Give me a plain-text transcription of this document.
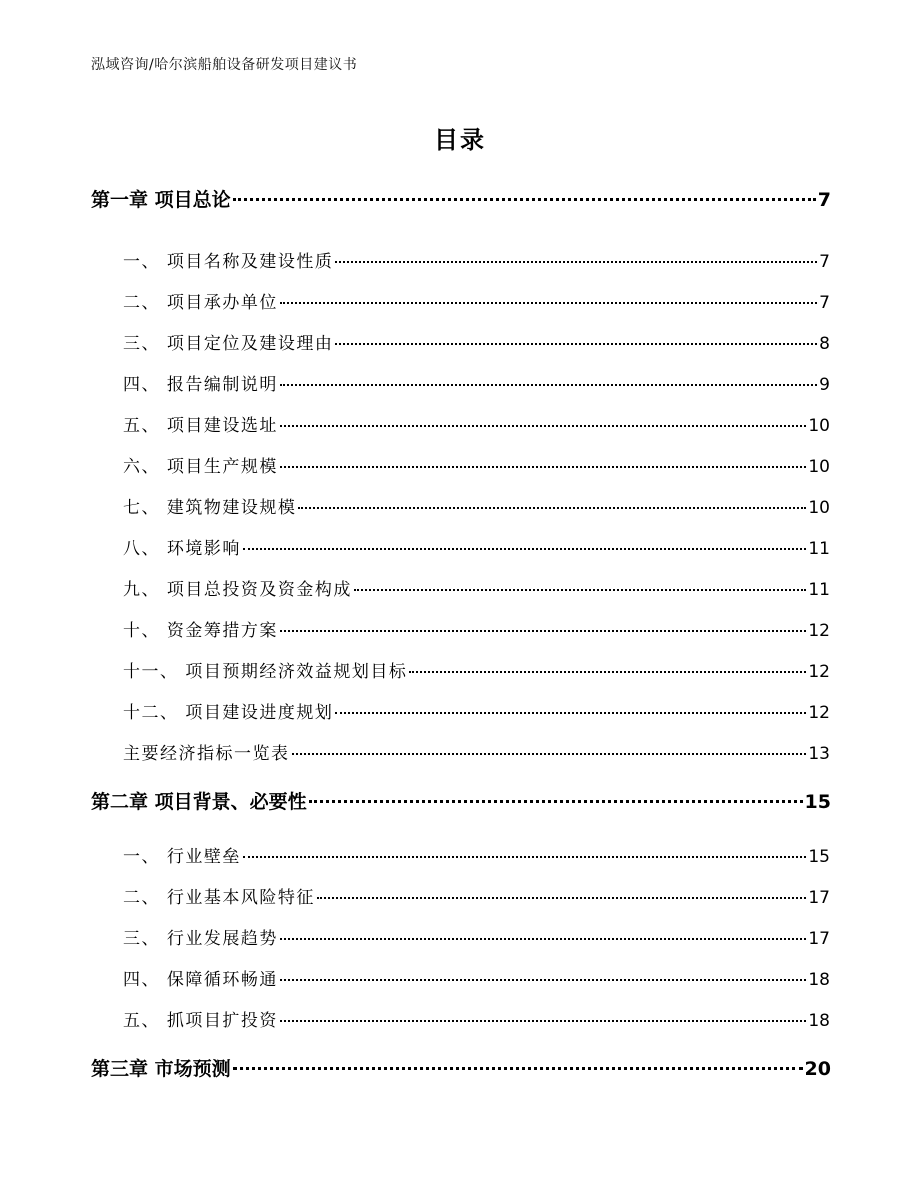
泓域咨询/哈尔滨船舶设备研发项目建议书
目录
第一章 项目总论	7
一、 项目名称及建设性质	7
二、 项目承办单位	7
三、 项目定位及建设理由	8
四、 报告编制说明	9
五、 项目建设选址	10
六、 项目生产规模	10
七、 建筑物建设规模	10
八、 环境影响	11
九、 项目总投资及资金构成	11
十、 资金筹措方案	12
十一、 项目预期经济效益规划目标	12
十二、 项目建设进度规划	12
主要经济指标一览表	13
第二章 项目背景、必要性	15
一、 行业壁垒	15
二、 行业基本风险特征	17
三、 行业发展趋势	17
四、 保障循环畅通	18
五、 抓项目扩投资	18
第三章 市场预测	20
